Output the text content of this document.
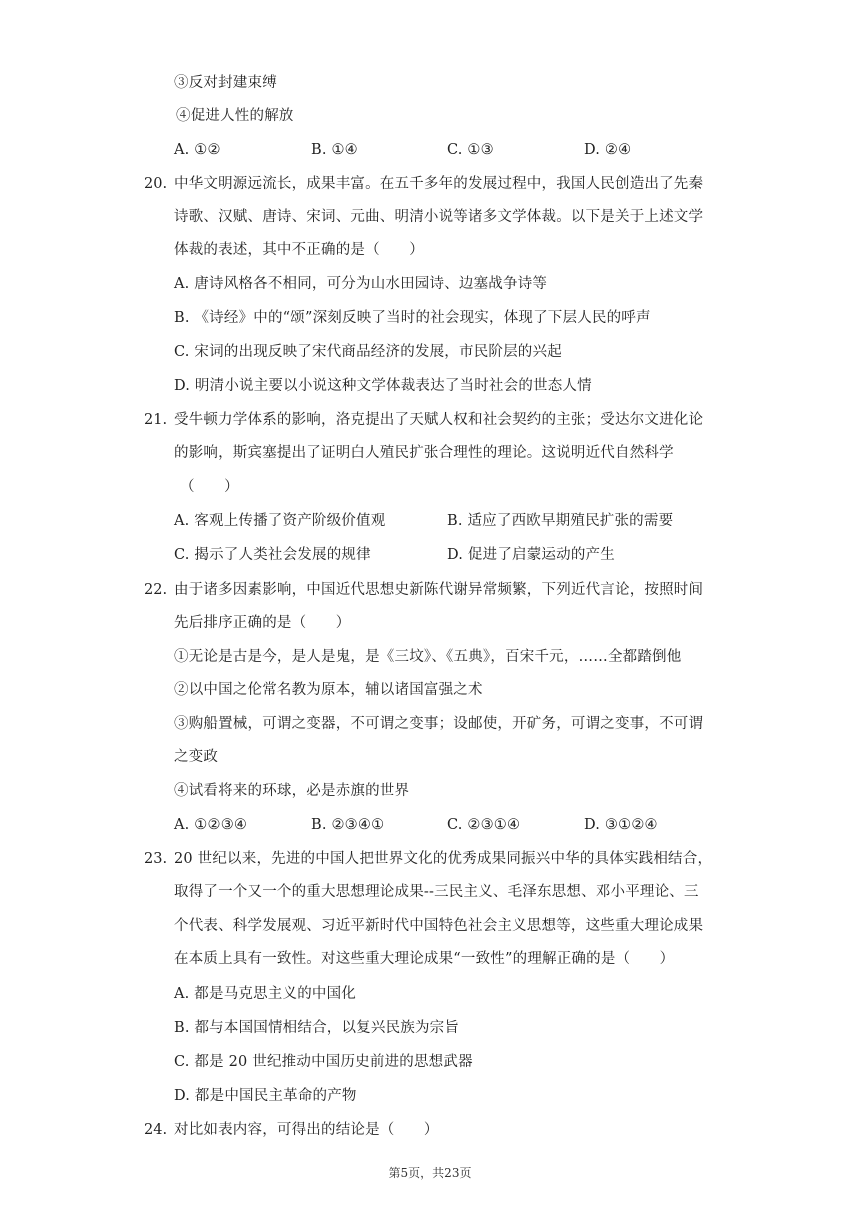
③反对封建束缚
④促进人性的解放
A. ①②	B. ①④	C. ①③	D. ②④
20. 中华文明源远流长，成果丰富。在五千多年的发展过程中，我国人民创造出了先秦
诗歌、汉赋、唐诗、宋词、元曲、明清小说等诸多文学体裁。以下是关于上述文学
体裁的表述，其中不正确的是（　　）
A. 唐诗风格各不相同，可分为山水田园诗、边塞战争诗等
B. 《诗经》中的“颂”深刻反映了当时的社会现实，体现了下层人民的呼声
C. 宋词的出现反映了宋代商品经济的发展，市民阶层的兴起
D. 明清小说主要以小说这种文学体裁表达了当时社会的世态人情
21. 受牛顿力学体系的影响，洛克提出了天赋人权和社会契约的主张；受达尔文进化论
的影响，斯宾塞提出了证明白人殖民扩张合理性的理论。这说明近代自然科学
（　　）
A. 客观上传播了资产阶级价值观	B. 适应了西欧早期殖民扩张的需要
C. 揭示了人类社会发展的规律	D. 促进了启蒙运动的产生
22. 由于诸多因素影响，中国近代思想史新陈代谢异常频繁，下列近代言论，按照时间
先后排序正确的是（　　）
①无论是古是今，是人是鬼，是《三坟》、《五典》，百宋千元，……全都踏倒他
②以中国之伦常名教为原本，辅以诸国富强之术
③购船置械，可谓之变器，不可谓之变事；设邮使，开矿务，可谓之变事，不可谓
之变政
④试看将来的环球，必是赤旗的世界
A. ①②③④	B. ②③④①	C. ②③①④	D. ③①②④
23. 20 世纪以来，先进的中国人把世界文化的优秀成果同振兴中华的具体实践相结合，
取得了一个又一个的重大思想理论成果--三民主义、毛泽东思想、邓小平理论、三
个代表、科学发展观、习近平新时代中国特色社会主义思想等，这些重大理论成果
在本质上具有一致性。对这些重大理论成果“一致性”的理解正确的是（　　）
A. 都是马克思主义的中国化
B. 都与本国国情相结合，以复兴民族为宗旨
C. 都是 20 世纪推动中国历史前进的思想武器
D. 都是中国民主革命的产物
24. 对比如表内容，可得出的结论是（　　）
第5页，共23页
